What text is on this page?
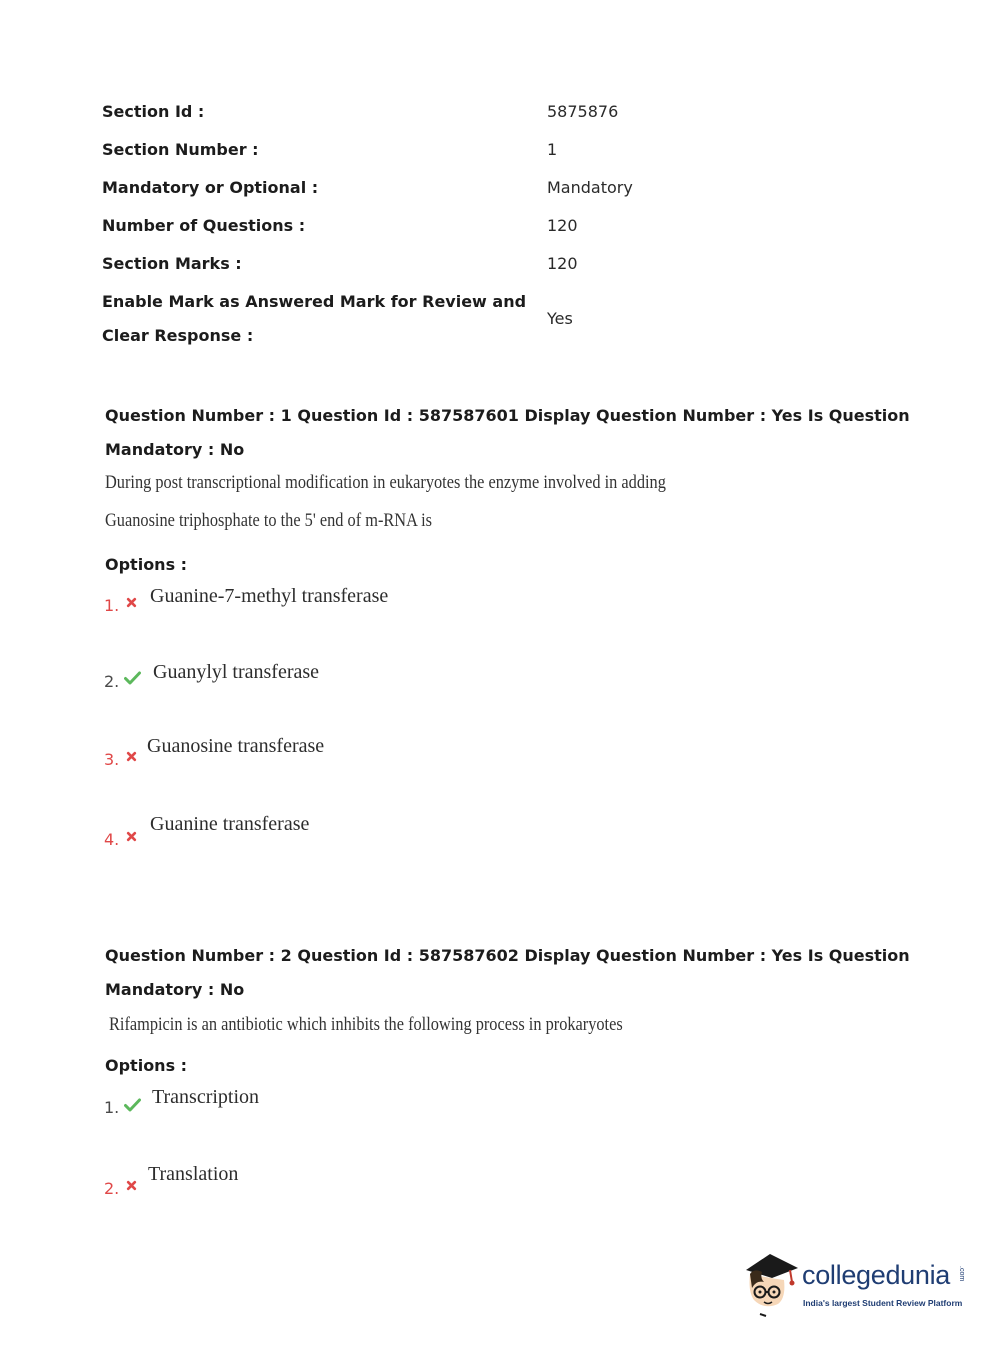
Section Id :	5875876
Section Number :	1
Mandatory or Optional :	Mandatory
Number of Questions :	120
Section Marks :	120
Enable Mark as Answered Mark for Review and
Clear Response :
Yes
Question Number : 1 Question Id : 587587601 Display Question Number : Yes Is Question
Mandatory : No
During post transcriptional modification in eukaryotes the enzyme involved in adding
Guanosine triphosphate to the 5' end of m-RNA is
Options :
1. Guanine-7-methyl transferase
2. Guanylyl transferase
3.
Guanosine transferase
4.
Guanine transferase
Question Number : 2 Question Id : 587587602 Display Question Number : Yes Is Question
Mandatory : No
Rifampicin is an antibiotic which inhibits the following process in prokaryotes
Options :
1. Transcription
2.
Translation
collegedunia .com
India's largest Student Review Platform
